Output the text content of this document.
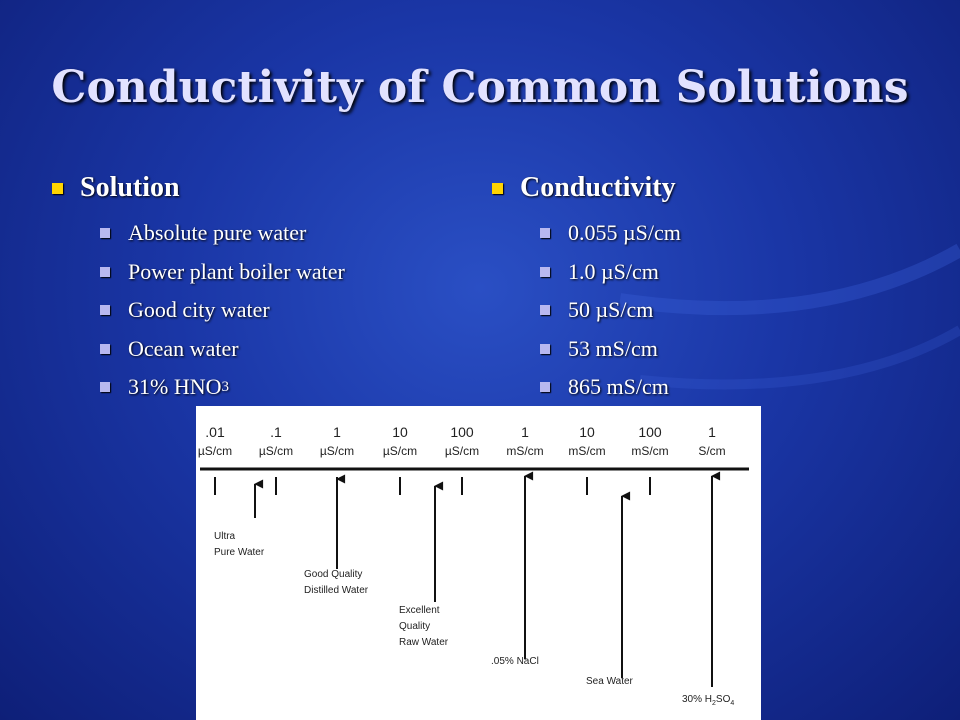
Conductivity of Common Solutions
Solution
Absolute pure water
Power plant boiler water
Good city water
Ocean water
31% HNO 3
Conductivity
0.055 µS/cm
1.0 µS/cm
50 µS/cm
53 mS/cm
865 mS/cm
.01
µS/cm
.1
µS/cm
1
µS/cm
10
µS/cm
100
µS/cm
1
mS/cm
10
mS/cm
100
mS/cm
1
S/cm
Ultra
Pure Water
Good Quality
Distilled Water
Excellent
Quality
Raw Water
.05% NaCl
Sea Water
30% $H_2SO_4$
